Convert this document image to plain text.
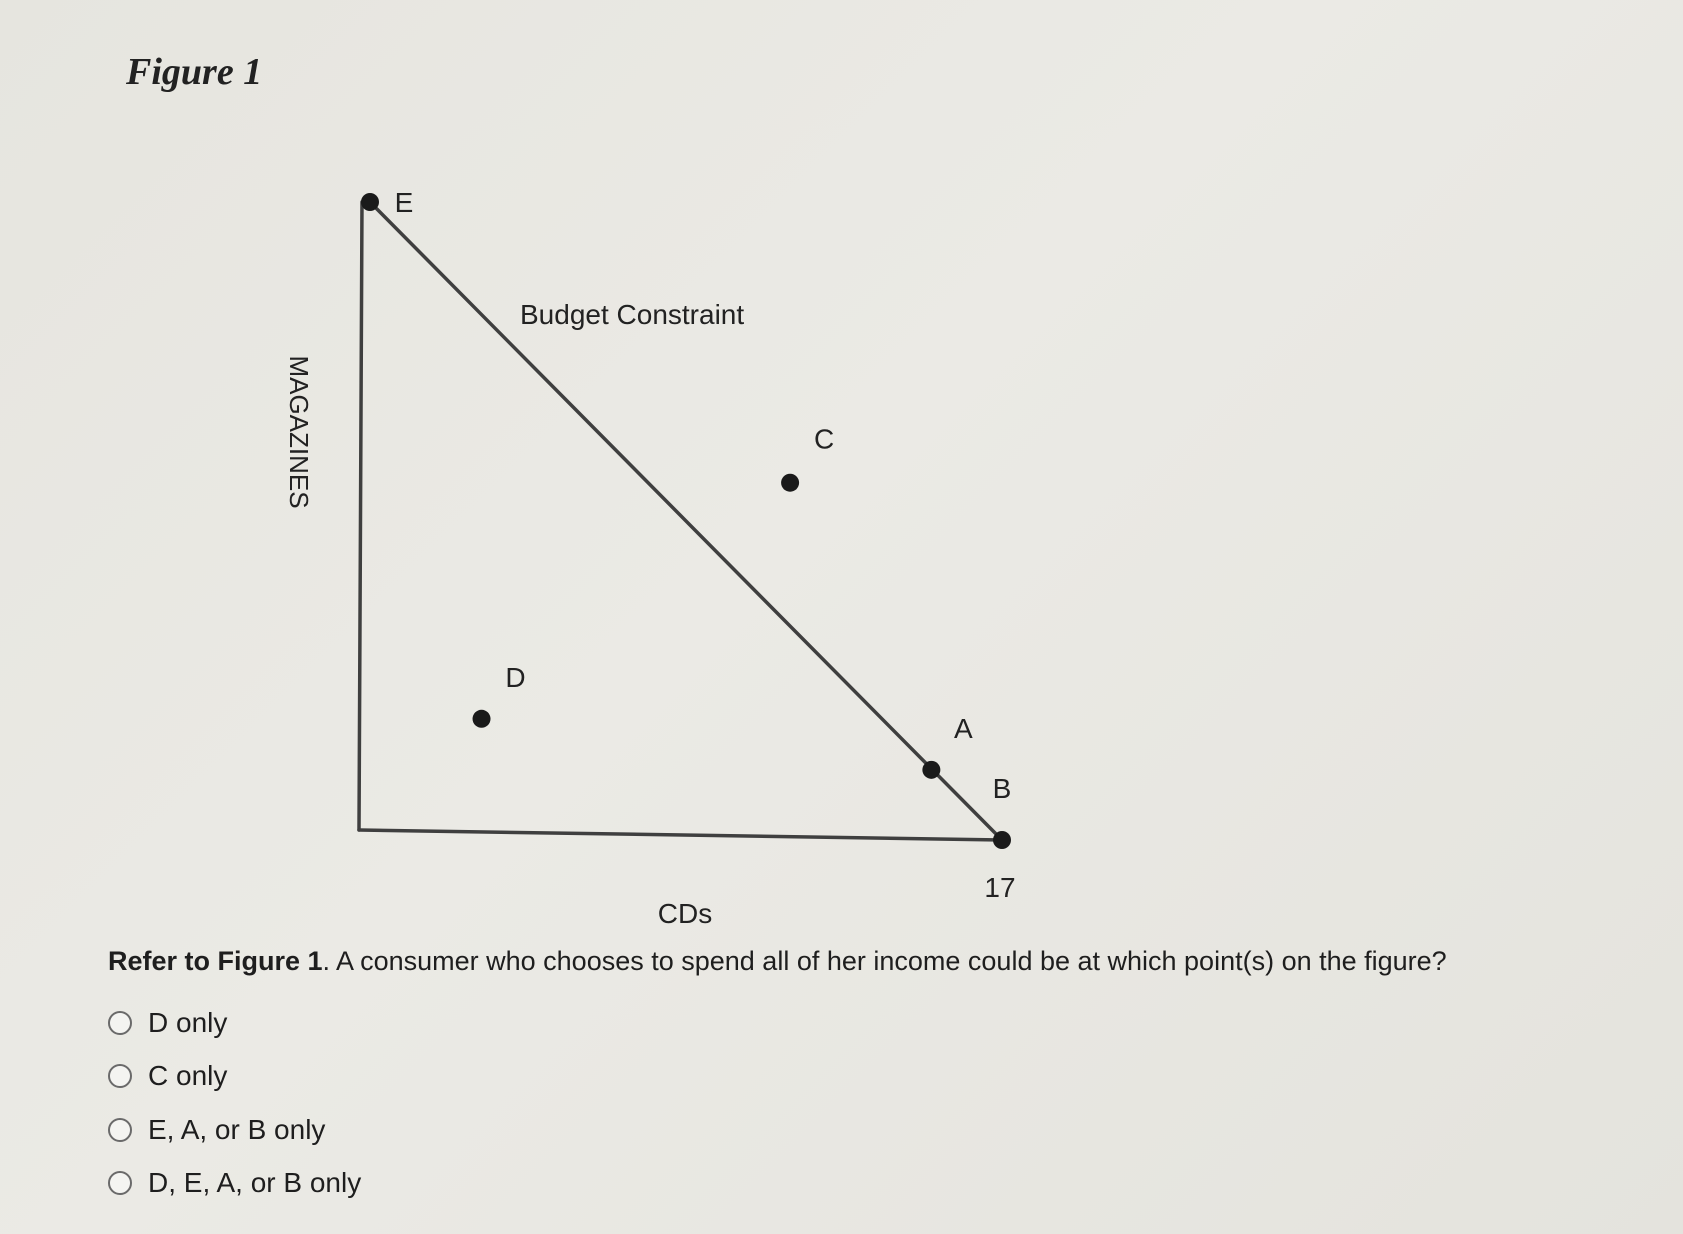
Figure 1
Budget Constraint
MAGAZINES
CDs
17
E
C
D
A
B

Refer to Figure 1. A consumer who chooses to spend all of her income could be at which point(s) on the figure?

D only
C only
E, A, or B only
D, E, A, or B only
